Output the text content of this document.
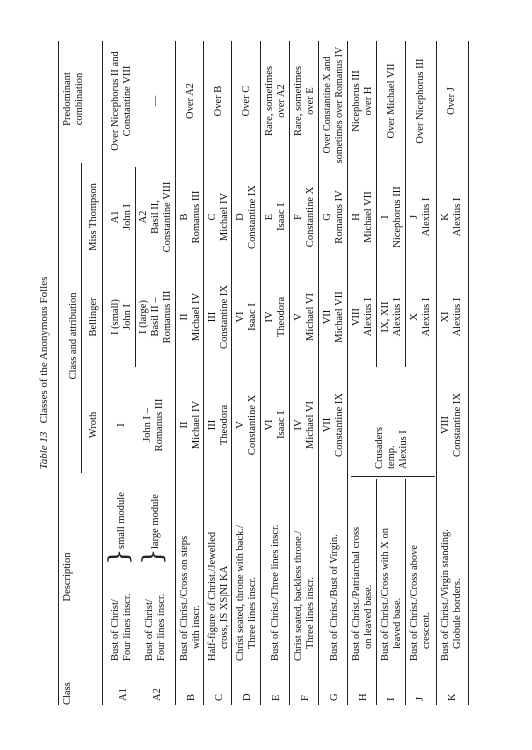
Table 13   Classes of the Anonymous Folles
Class
Description
Class and attribution
Predominant combination
Wroth
Bellinger
Miss Thompson
A1
Bust of Christ/ Four lines inscr.
}
small module
I
I (small) John I
A1 John I
Over Nicephorus II and Constantine VIII
A2
Bust of Christ/ Four lines inscr.
}
large module
John I – Romanus III
I (large) Basil II – Romanus III
A2 Basil II, Constantine VIII
—
B
Bust of Christ./Cross on steps with inscr.
II Michael IV
II Michael IV
B Romanus III
Over A2
C
Half-figure of Christ./Jewelled cross, IS XS|NI KA
III Theodora
III Constantine IX
C Michael IV
Over B
D
Christ seated, throne with back./ Three lines inscr.
V Constantine X
VI Isaac I
D Constantine IX
Over C
E
Bust of Christ./Three lines inscr.
VI Isaac I
IV Theodora
E Isaac I
Rare, sometimes over A2
F
Christ seated, backless throne./ Three lines inscr.
IV Michael VI
V Michael VI
F Constantine X
Rare, sometimes over E
G
Bust of Christ./Bust of Virgin.
VII Constantine IX
VII Michael VII
G Romanus IV
Over Constantine X and sometimes over Romanus IV
Crusaders temp. Alexius I
H
Bust of Christ./Patriarchal cross on leaved base.
VIII Alexius I
H Michael VII
Nicephorus III over H
I
Bust of Christ./Cross with X on leaved base.
IX, XII Alexius I
I Nicephorus III
Over Michael VII
J
Bust of Christ./Cross above crescent.
X Alexius I
J Alexius I
Over Nicephorus III
K
Bust of Christ./Virgin standing. Globule borders.
VIII Constantine IX
XI Alexius I
K Alexius I
Over J
